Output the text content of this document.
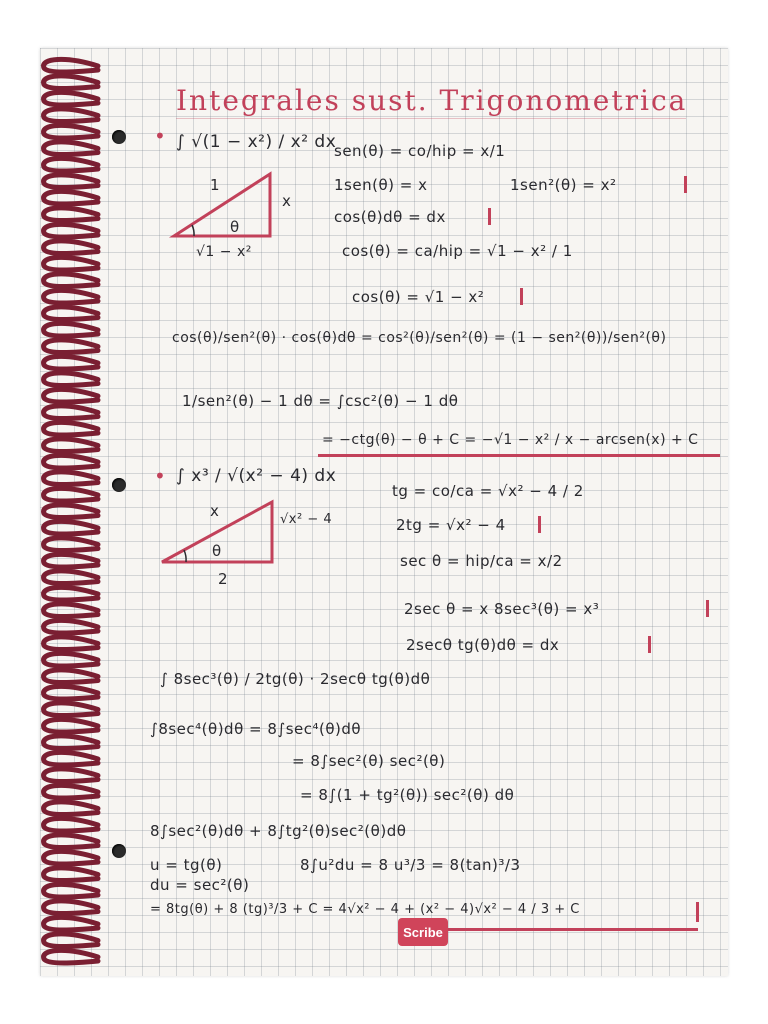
Integrales sust. Trigonometrica
• ∫ √(1 − x²) / x² dx
1
x
θ
√1 − x²
sen(θ) = co/hip = x/1
1sen(θ) = x	1sen²(θ) = x²
cos(θ)dθ = dx
cos(θ) = ca/hip = √1 − x² / 1
cos(θ) = √1 − x²
cos(θ)/sen²(θ) · cos(θ)dθ = cos²(θ)/sen²(θ) = (1 − sen²(θ))/sen²(θ)
1/sen²(θ) − 1 dθ = ∫csc²(θ) − 1 dθ
= −ctg(θ) − θ + C = −√1 − x² / x − arcsen(x) + C
• ∫ x³ / √(x² − 4) dx
x	√x² − 4
θ
2
tg = co/ca = √x² − 4 / 2
2tg = √x² − 4
sec θ = hip/ca = x/2
2sec θ = x 8sec³(θ) = x³
2secθ tg(θ)dθ = dx
∫ 8sec³(θ) / 2tg(θ) · 2secθ tg(θ)dθ
∫8sec⁴(θ)dθ = 8∫sec⁴(θ)dθ
= 8∫sec²(θ) sec²(θ)
= 8∫(1 + tg²(θ)) sec²(θ) dθ
8∫sec²(θ)dθ + 8∫tg²(θ)sec²(θ)dθ
u = tg(θ)
du = sec²(θ)
8∫u²du = 8 u³/3 = 8(tan)³/3
= 8tg(θ) + 8 (tg)³/3 + C = 4√x² − 4 + (x² − 4)√x² − 4 / 3 + C
Scribe
